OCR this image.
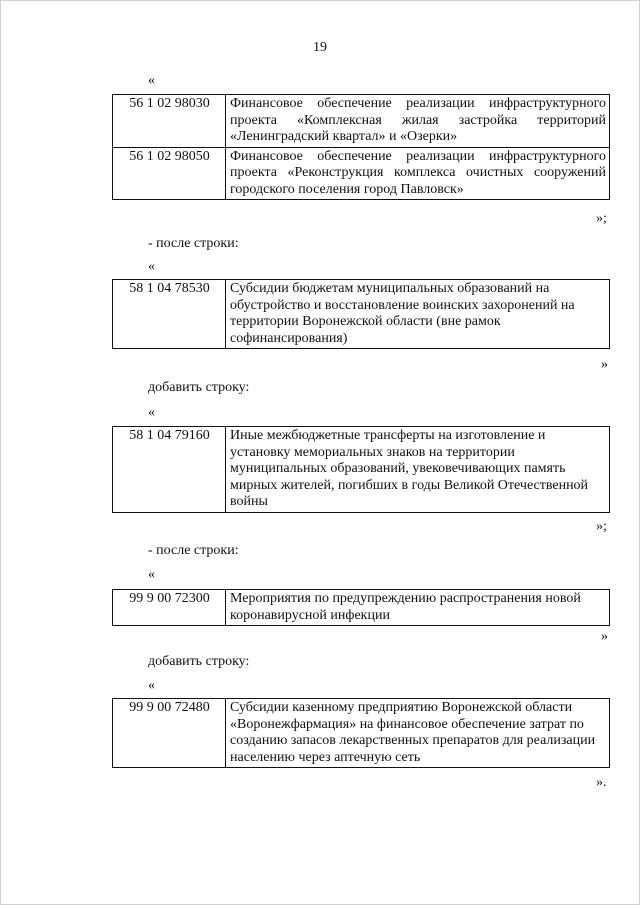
19
«
56 1 02 98030	Финансовое обеспечение реализации инфраструктурного проекта «Комплексная жилая застройка территорий «Ленинградский квартал» и «Озерки»
56 1 02 98050	Финансовое обеспечение реализации инфраструктурного проекта «Реконструкция комплекса очистных сооружений городского поселения город Павловск»
»;
- после строки:
«
58 1 04 78530	Субсидии бюджетам муниципальных образований на обустройство и восстановление воинских захоронений на территории Воронежской области (вне рамок софинансирования)
»
добавить строку:
«
58 1 04 79160	Иные межбюджетные трансферты на изготовление и установку мемориальных знаков на территории муниципальных образований, увековечивающих память мирных жителей, погибших в годы Великой Отечественной войны
»;
- после строки:
«
99 9 00 72300	Мероприятия по предупреждению распространения новой коронавирусной инфекции
»
добавить строку:
«
99 9 00 72480	Субсидии казенному предприятию Воронежской области «Воронежфармация» на финансовое обеспечение затрат по созданию запасов лекарственных препаратов для реализации населению через аптечную сеть
».
